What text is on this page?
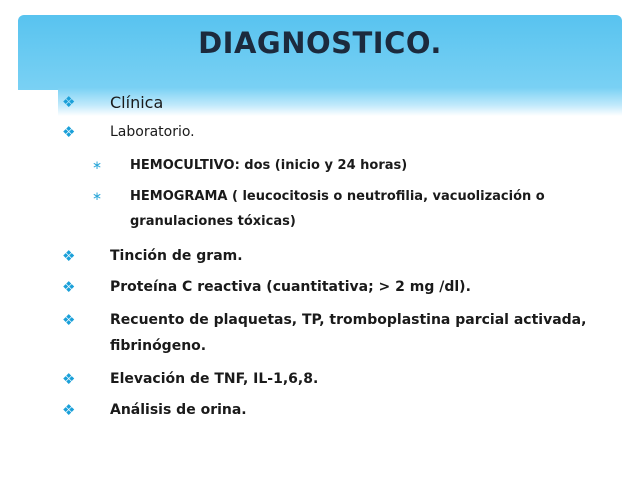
DIAGNOSTICO.
❖ Clínica
❖ Laboratorio.
∗ HEMOCULTIVO: dos (inicio y 24 horas)
∗ HEMOGRAMA ( leucocitosis o neutrofilia, vacuolización o
granulaciones tóxicas)
❖ Tinción de gram.
❖ Proteína C reactiva (cuantitativa; > 2 mg /dl).
❖ Recuento de plaquetas, TP, tromboplastina parcial activada,
fibrinógeno.
❖ Elevación de TNF, IL-1,6,8.
❖ Análisis de orina.
